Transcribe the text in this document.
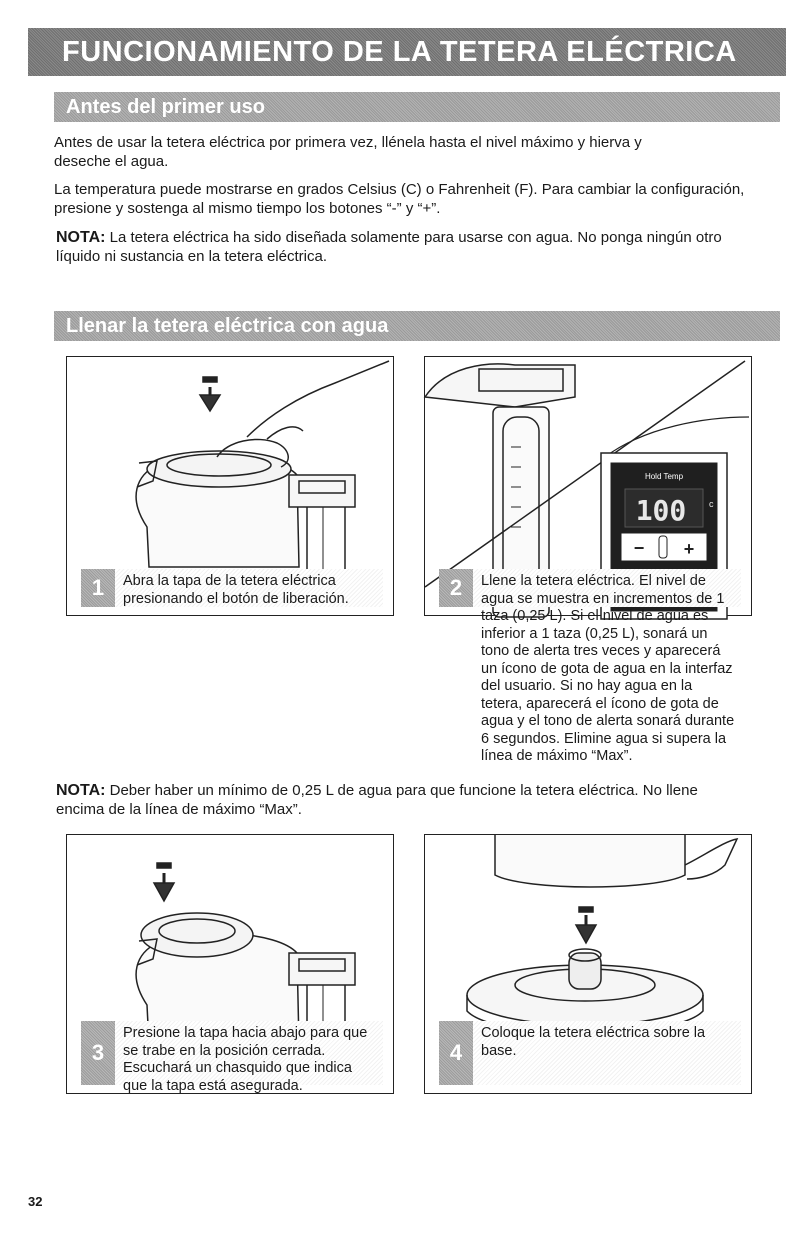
FUNCIONAMIENTO DE LA TETERA ELÉCTRICA
Antes del primer uso

Antes de usar la tetera eléctrica por primera vez, llénela hasta el nivel máximo y hierva y deseche el agua.

La temperatura puede mostrarse en grados Celsius (C) o Fahrenheit (F). Para cambiar la configuración, presione y sostenga al mismo tiempo los botones “-” y “+”.

NOTA: La tetera eléctrica ha sido diseñada solamente para usarse con agua. No ponga ningún otro líquido ni sustancia en la tetera eléctrica.

Llenar la tetera eléctrica con agua
1	Abra la tapa de la tetera eléctrica presionando el botón de liberación.
Hold Temp
100	c
− +
2	Llene la tetera eléctrica. El nivel de agua se muestra en incrementos de 1 taza (0,25 L). Si el nivel de agua es inferior a 1 taza (0,25 L), sonará un tono de alerta tres veces y aparecerá un ícono de gota de agua en la interfaz del usuario. Si no hay agua en la tetera, aparecerá el ícono de gota de agua y el tono de alerta sonará durante 6 segundos. Elimine agua si supera la línea de máximo “Max”.

NOTA: Deber haber un mínimo de 0,25 L de agua para que funcione la tetera eléctrica. No llene encima de la línea de máximo “Max”.

3
Presione la tapa hacia abajo para que se trabe en la posición cerrada. Escuchará un chasquido que indica que la tapa está asegurada.
4
Coloque la tetera eléctrica sobre la base.
32
